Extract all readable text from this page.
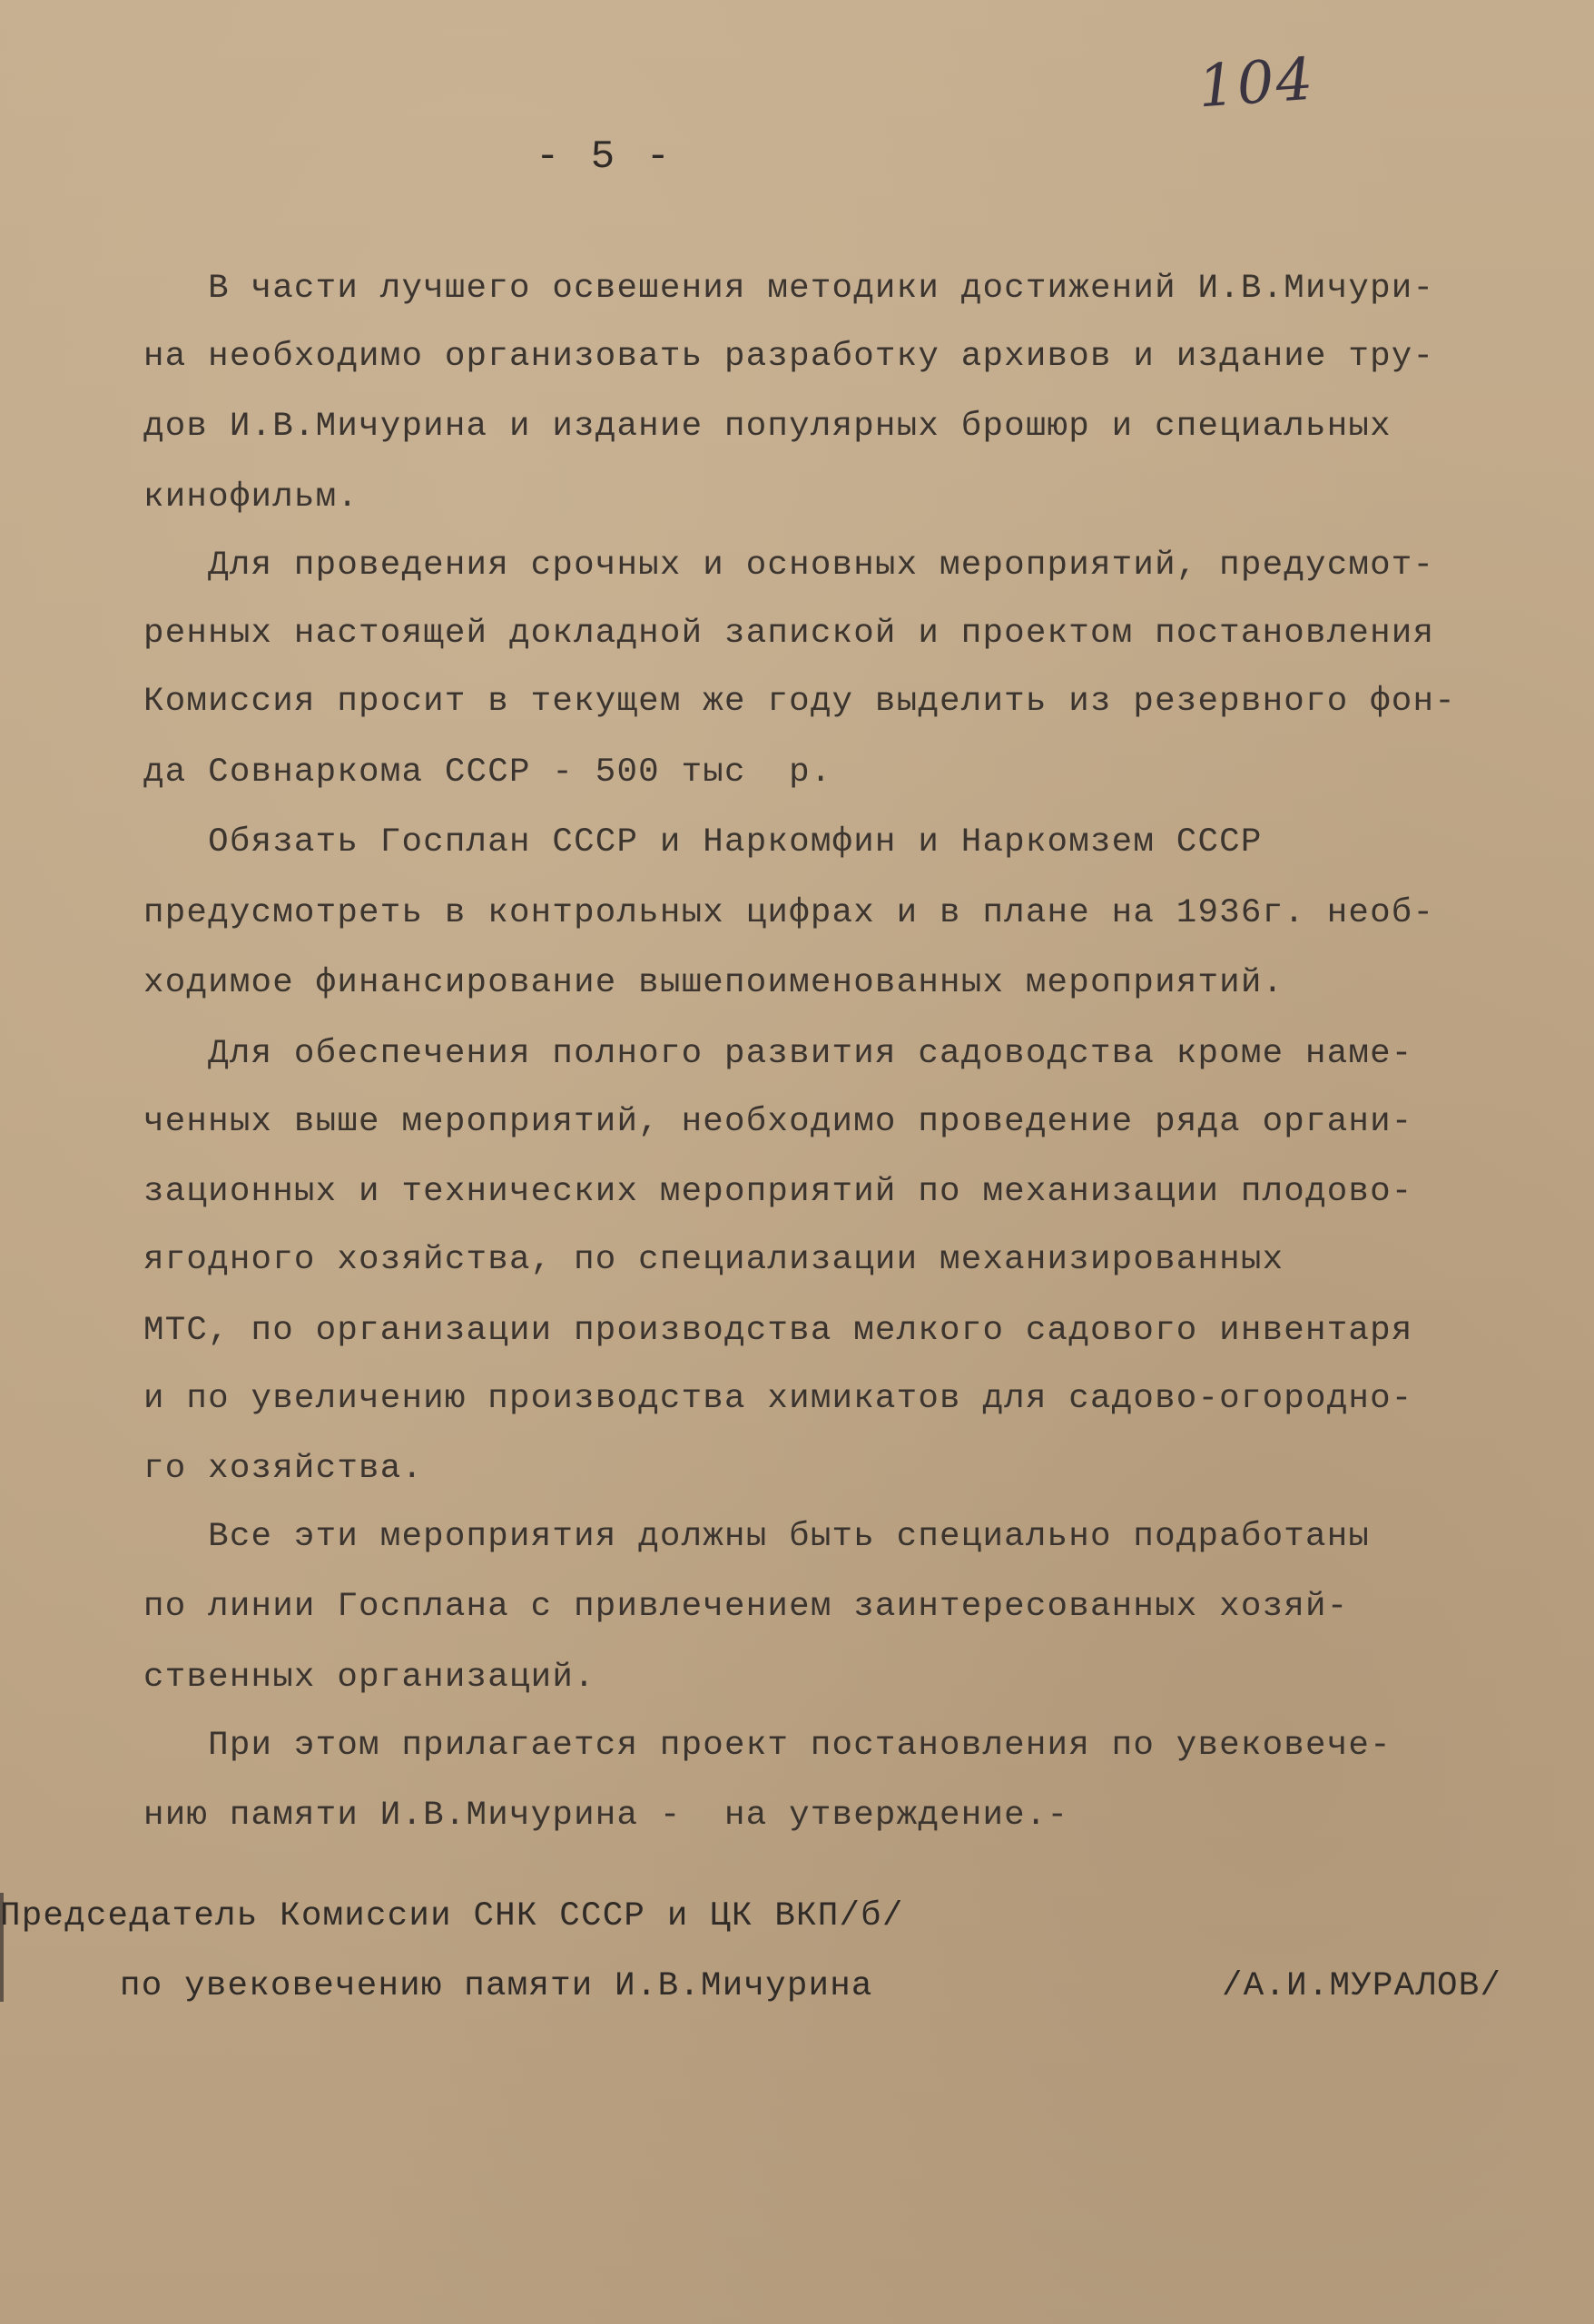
104
- 5 -
В части лучшего освешения методики достижений И.В.Мичури-
на необходимо организовать разработку архивов и издание тру-
дов И.В.Мичурина и издание популярных брошюр и специальных
кинофильм.
Для проведения срочных и основных мероприятий, предусмот-
ренных настоящей докладной запиской и проектом постановления
Комиссия просит в текущем же году выделить из резервного фон-
да Совнаркома СССР - 500 тыс  р.
Обязать Госплан СССР и Наркомфин и Наркомзем СССР
предусмотреть в контрольных цифрах и в плане на 1936г. необ-
ходимое финансирование вышепоименованных мероприятий.
Для обеспечения полного развития садоводства кроме наме-
ченных выше мероприятий, необходимо проведение ряда органи-
зационных и технических мероприятий по механизации плодово-
ягодного хозяйства, по специализации механизированных
МТС, по организации производства мелкого садового инвентаря
и по увеличению производства химикатов для садово-огородно-
го хозяйства.
Все эти мероприятия должны быть специально подработаны
по линии Госплана с привлечением заинтересованных хозяй-
ственных организаций.
При этом прилагается проект постановления по увековече-
нию памяти И.В.Мичурина -  на утверждение.-
Председатель Комиссии СНК СССР и ЦК ВКП/б/
по увековечению памяти И.В.Мичурина	/А.И.МУРАЛОВ/
